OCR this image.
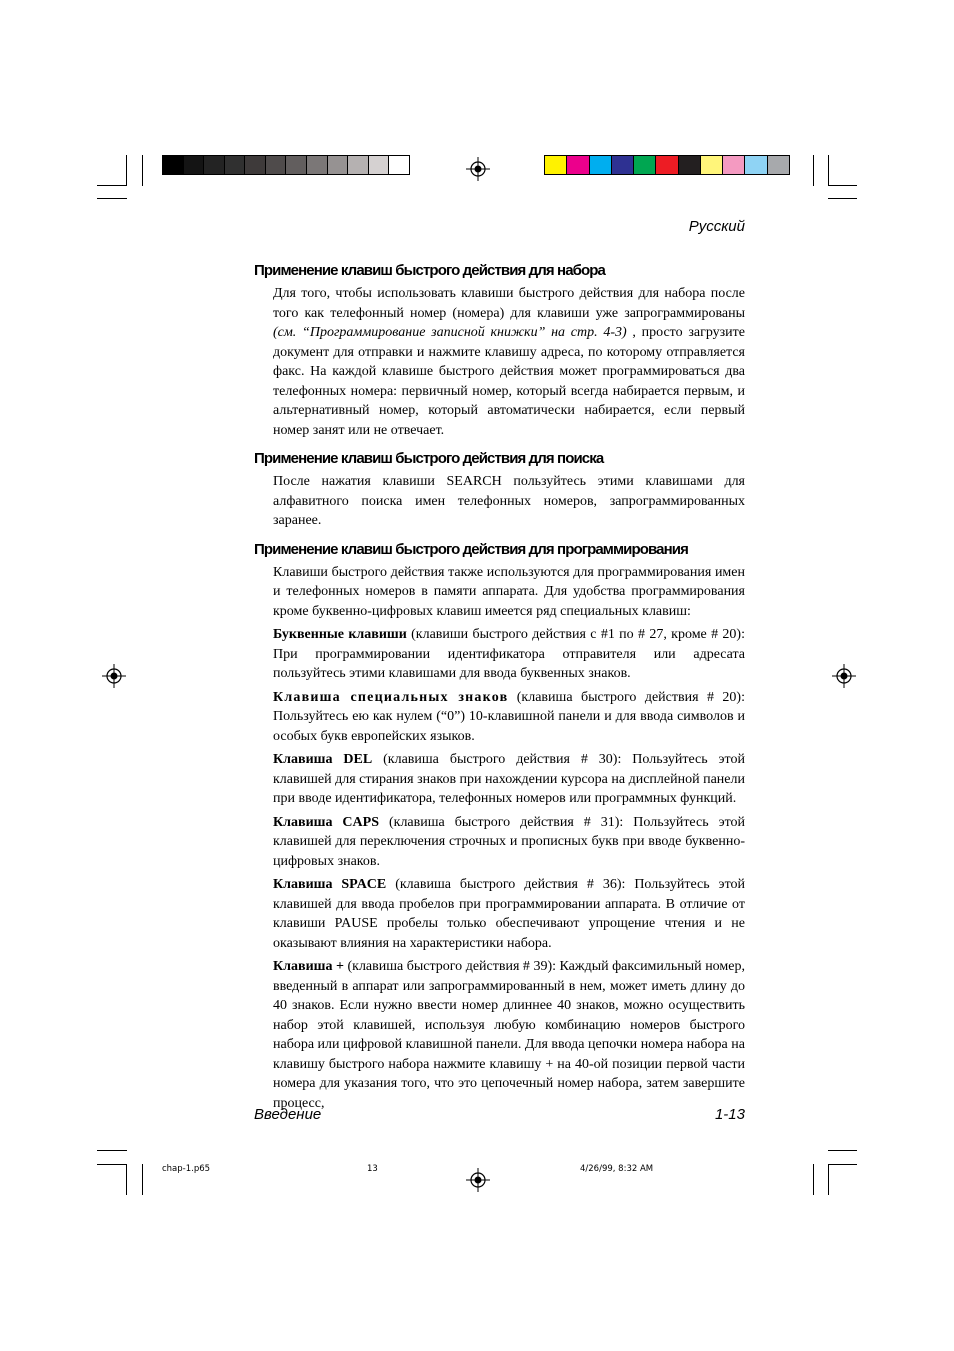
Русский
Применение клавиш быстрого действия для набора

Для того, чтобы использовать клавиши быстрого действия для набора после того как телефонный номер (номера) для клавиши уже запрограммированы (см. “Программирование записной книжки” на стр. 4-3) , просто загрузите документ для отправки и нажмите клавишу адреса, по которому отправляется факс. На каждой клавише быстрого действия может программироваться два телефонных номера: первичный номер, который всегда набирается первым, и альтернативный номер, который автоматически набирается, если первый номер занят или не отвечает.

Применение клавиш быстрого действия для поиска

После нажатия клавиши SEARCH пользуйтесь этими клавишами для алфавитного поиска имен телефонных номеров, запрограммированных заранее.

Применение клавиш быстрого действия для программирования

Клавиши быстрого действия также используются для программирования имен и телефонных номеров в памяти аппарата. Для удобства программирования кроме буквенно-цифровых клавиш имеется ряд специальных клавиш:

Буквенные клавиши (клавиши быстрого действия с #1 по # 27, кроме # 20): При программировании идентификатора отправителя или адресата пользуйтесь этими клавишами для ввода буквенных знаков.

Клавиша специальных знаков (клавиша быстрого действия # 20): Пользуйтесь ею как нулем (“0”) 10-клавишной панели и для ввода символов и особых букв европейских языков.

Клавиша DEL (клавиша быстрого действия # 30): Пользуйтесь этой клавишей для стирания знаков при нахождении курсора на дисплейной панели при вводе идентификатора, телефонных номеров или программных функций.

Клавиша CAPS (клавиша быстрого действия # 31): Пользуйтесь этой клавишей для переключения строчных и прописных букв при вводе буквенно-цифровых знаков.

Клавиша SPACE (клавиша быстрого действия # 36): Пользуйтесь этой клавишей для ввода пробелов при программировании аппарата. В отличие от клавиши PAUSE пробелы только обеспечивают упрощение чтения и не оказывают влияния на характеристики набора.

Клавиша + (клавиша быстрого действия # 39): Каждый факсимильный номер, введенный в аппарат или запрограммированный в нем, может иметь длину до 40 знаков. Если нужно ввести номер длиннее 40 знаков, можно осуществить набор этой клавишей, используя любую комбинацию номеров быстрого набора или цифровой клавишной панели. Для ввода цепочки номера набора на клавишу быстрого набора нажмите клавишу + на 40-ой позиции первой части номера для указания того, что это цепочечный номер набора, затем завершите процесс,

Введение	1-13
chap-1.p65	13	4/26/99, 8:32 AM
